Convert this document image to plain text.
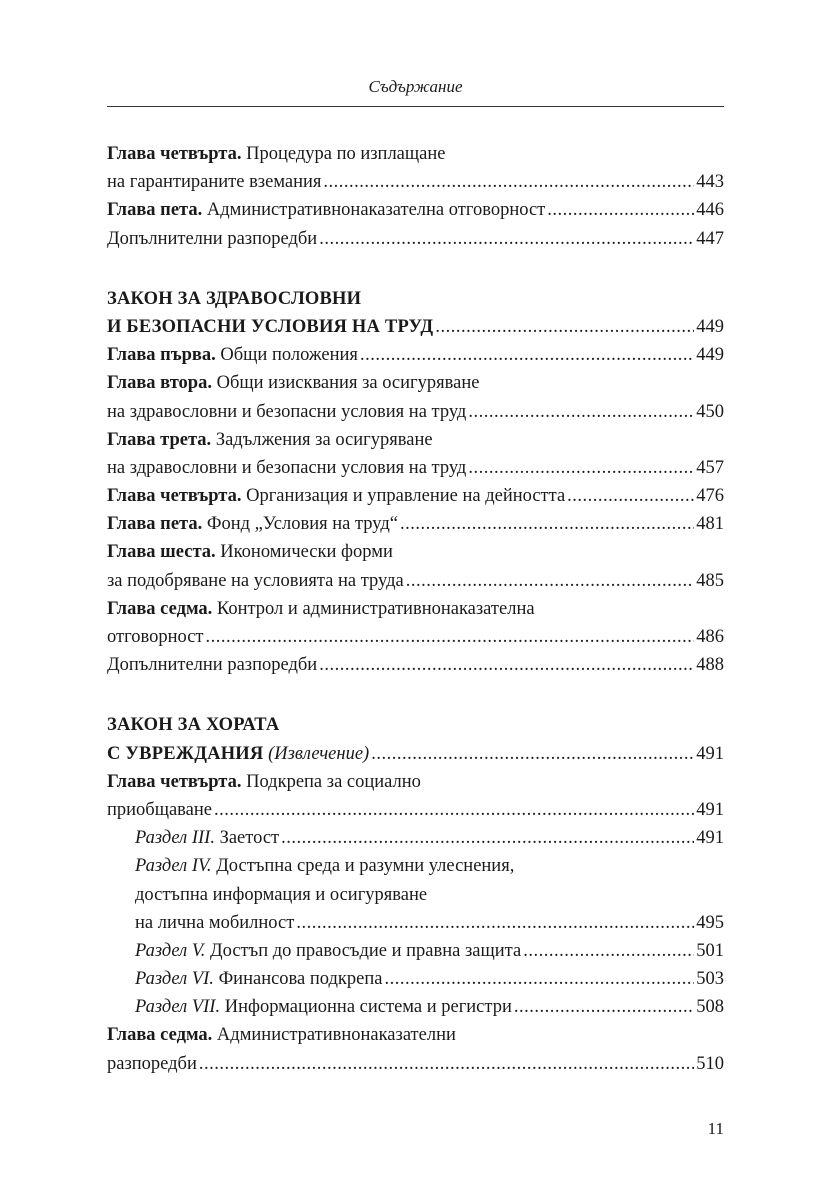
Съдържание
Глава четвърта. Процедура по изплащане
на гарантираните вземания .....	443
Глава пета. Административнонаказателна отговорност .....	446
Допълнителни разпоредби .....	447
ЗАКОН ЗА ЗДРАВОСЛОВНИ
И БЕЗОПАСНИ УСЛОВИЯ НА ТРУД .....	449
Глава първа. Общи положения .....	449
Глава втора. Общи изисквания за осигуряване
на здравословни и безопасни условия на труд .....	450
Глава трета. Задължения за осигуряване
на здравословни и безопасни условия на труд .....	457
Глава четвърта. Организация и управление на дейността .....	476
Глава пета. Фонд „Условия на труд“ .....	481
Глава шеста. Икономически форми
за подобряване на условията на труда .....	485
Глава седма. Контрол и административнонаказателна
отговорност .....	486
Допълнителни разпоредби .....	488
ЗАКОН ЗА ХОРАТА
С УВРЕЖДАНИЯ (Извлечение) .....	491
Глава четвърта. Подкрепа за социално
приобщаване .....	491
Раздел III. Заетост .....	491
Раздел IV. Достъпна среда и разумни улеснения,
достъпна информация и осигуряване
на лична мобилност .....	495
Раздел V. Достъп до правосъдие и правна защита .....	501
Раздел VI. Финансова подкрепа .....	503
Раздел VII. Информационна система и регистри .....	508
Глава седма. Административнонаказателни
разпоредби .....	510
11
